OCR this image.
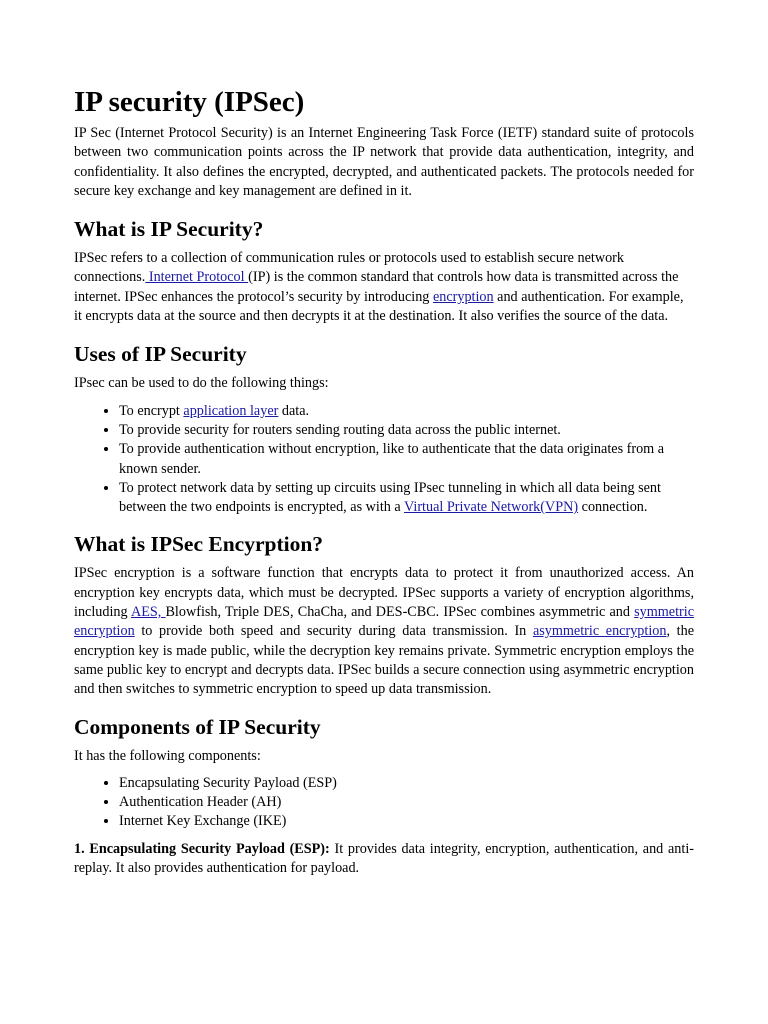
IP security (IPSec)

IP Sec (Internet Protocol Security) is an Internet Engineering Task Force (IETF) standard suite of protocols between two communication points across the IP network that provide data authentication, integrity, and confidentiality. It also defines the encrypted, decrypted, and authenticated packets. The protocols needed for secure key exchange and key management are defined in it.

What is IP Security?

IPSec refers to a collection of communication rules or protocols used to establish secure network connections. Internet Protocol (IP) is the common standard that controls how data is transmitted across the internet. IPSec enhances the protocol’s security by introducing encryption and authentication. For example, it encrypts data at the source and then decrypts it at the destination. It also verifies the source of the data.

Uses of IP Security

IPsec can be used to do the following things:

• To encrypt application layer data.
• To provide security for routers sending routing data across the public internet.
• To provide authentication without encryption, like to authenticate that the data originates from a known sender.
• To protect network data by setting up circuits using IPsec tunneling in which all data being sent between the two endpoints is encrypted, as with a Virtual Private Network(VPN) connection.
What is IPSec Encyrption?

IPSec encryption is a software function that encrypts data to protect it from unauthorized access. An encryption key encrypts data, which must be decrypted. IPSec supports a variety of encryption algorithms, including AES, Blowfish, Triple DES, ChaCha, and DES-CBC. IPSec combines asymmetric and symmetric encryption to provide both speed and security during data transmission. In asymmetric encryption, the encryption key is made public, while the decryption key remains private. Symmetric encryption employs the same public key to encrypt and decrypts data. IPSec builds a secure connection using asymmetric encryption and then switches to symmetric encryption to speed up data transmission.

Components of IP Security

It has the following components:

• Encapsulating Security Payload (ESP)
• Authentication Header (AH)
• Internet Key Exchange (IKE)

1. Encapsulating Security Payload (ESP): It provides data integrity, encryption, authentication, and anti-replay. It also provides authentication for payload.
